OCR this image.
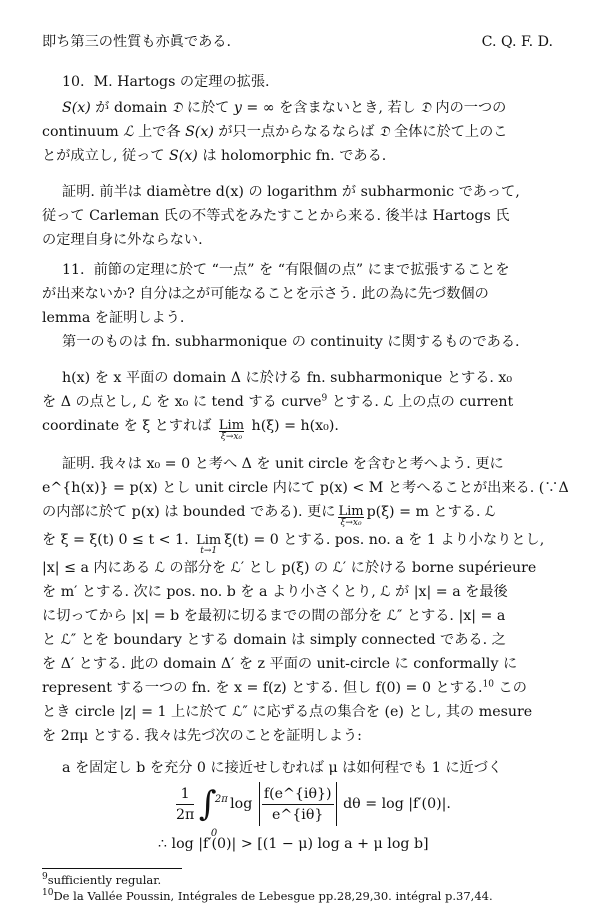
即ち第三の性質も亦眞である.	C. Q. F. D.
10. M. Hartogs の定理の拡張.
S(x) が domain 𝔇 に於て y = ∞ を含まないとき, 若し 𝔇 内の一つの
continuum ℒ 上で各 S(x) が只一点からなるならば 𝔇 全体に於て上のこ
とが成立し, 従って S(x) は holomorphic fn. である.
証明. 前半は diamètre d(x) の logarithm が subharmonic であって,
従って Carleman 氏の不等式をみたすことから来る. 後半は Hartogs 氏
の定理自身に外ならない.
11. 前節の定理に於て “一点” を “有限個の点” にまで拡張することを
が出来ないか? 自分は之が可能なることを示さう. 此の為に先づ数個の
lemma を証明しよう.
第一のものは fn. subharmonique の continuity に関するものである.
h(x) を x 平面の domain Δ に於ける fn. subharmonique とする. x₀
を Δ の点とし, ℒ を x₀ に tend する curve$^9$ とする. ℒ 上の点の current
coordinate を ξ とすれば Lim
ξ→x₀
h(ξ) = h(x₀).
証明. 我々は x₀ = 0 と考へ Δ を unit circle を含むと考へよう. 更に
e^{h(x)} = p(x) とし unit circle 内にて p(x) < M と考へることが出来る. (∵Δ
の内部に於て p(x) は bounded である). 更に Lim
ξ→x₀
p(ξ) = m とする. ℒ
を ξ = ξ(t) 0 ≤ t < 1. Lim
t→1
ξ(t) = 0 とする. pos. no. a を 1 より小なりとし,
|x| ≤ a 内にある ℒ の部分を ℒ′ とし p(ξ) の ℒ′ に於ける borne supérieure
を m′ とする. 次に pos. no. b を a より小さくとり, ℒ が |x| = a を最後
に切ってから |x| = b を最初に切るまでの間の部分を ℒ″ とする. |x| = a
と ℒ″ とを boundary とする domain は simply connected である. 之
を Δ′ とする. 此の domain Δ′ を z 平面の unit-circle に conformally に
represent する一つの fn. を x = f(z) とする. 但し f(0) = 0 とする.$^{10}$ この
とき circle |z| = 1 上に於て ℒ″ に応ずる点の集合を (e) とし, 其の mesure
を 2πμ とする. 我々は先づ次のことを証明しよう:
a を固定し b を充分 0 に接近せしむれば μ は如何程でも 1 に近づく
$\frac{1}{2\pi}$ ∫
2π
0
$\log \frac{f(e\^{}\{i\theta\})}{e\^{}\{i\theta\}}$ dθ = log |f′(0)|.
∴ log |f′(0)| > [(1 − μ) log a + μ log b]
$^9$sufficiently regular.
$^{10}$De la Vallée Poussin, Intégrales de Lebesgue pp.28,29,30. intégral p.37,44.
